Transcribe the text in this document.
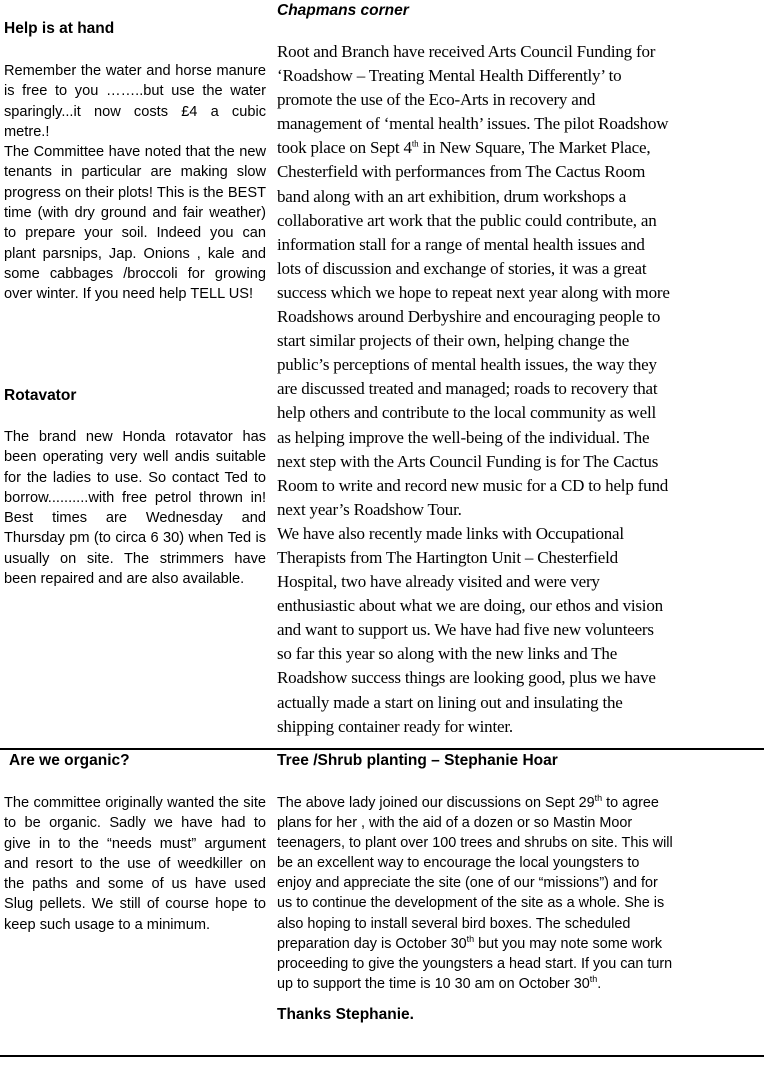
Help is at hand

Remember the water and horse manure is free to you ……..but use the water sparingly...it now costs £4 a cubic metre.!

The Committee have noted that the new tenants in particular are making slow progress on their plots! This is the BEST time (with dry ground and fair weather) to prepare your soil. Indeed you can plant parsnips, Jap. Onions , kale and some cabbages /broccoli for growing over winter. If you need help TELL US!

Rotavator

The brand new Honda rotavator has been operating very well andis suitable for the ladies to use. So contact Ted to borrow..........with free petrol thrown in! Best times are Wednesday and Thursday pm (to circa 6 30) when Ted is usually on site. The strimmers have been repaired and are also available.

Chapmans corner

Root and Branch have received Arts Council Funding for
‘Roadshow – Treating Mental Health Differently’ to
promote the use of the Eco-Arts in recovery and
management of ‘mental health’ issues. The pilot Roadshow
took place on Sept 4th in New Square, The Market Place,
Chesterfield with performances from The Cactus Room
band along with an art exhibition, drum workshops a
collaborative art work that the public could contribute, an
information stall for a range of mental health issues and
lots of discussion and exchange of stories, it was a great
success which we hope to repeat next year along with more
Roadshows around Derbyshire and encouraging people to
start similar projects of their own, helping change the
public’s perceptions of mental health issues, the way they
are discussed treated and managed; roads to recovery that
help others and contribute to the local community as well
as helping improve the well-being of the individual. The
next step with the Arts Council Funding is for The Cactus
Room to write and record new music for a CD to help fund
next year’s Roadshow Tour.
We have also recently made links with Occupational
Therapists from The Hartington Unit – Chesterfield
Hospital, two have already visited and were very
enthusiastic about what we are doing, our ethos and vision
and want to support us. We have had five new volunteers
so far this year so along with the new links and The
Roadshow success things are looking good, plus we have
actually made a start on lining out and insulating the
shipping container ready for winter.

Are we organic?

The committee originally wanted the site to be organic. Sadly we have had to give in to the “needs must” argument and resort to the use of weedkiller on the paths and some of us have used Slug pellets. We still of course hope to keep such usage to a minimum.

Tree /Shrub planting – Stephanie Hoar

The above lady joined our discussions on Sept 29th to agree
plans for her , with the aid of a dozen or so Mastin Moor
teenagers, to plant over 100 trees and shrubs on site. This will
be an excellent way to encourage the local youngsters to
enjoy and appreciate the site (one of our “missions”) and for
us to continue the development of the site as a whole. She is
also hoping to install several bird boxes. The scheduled
preparation day is October 30th but you may note some work
proceeding to give the youngsters a head start. If you can turn
up to support the time is 10 30 am on October 30th.

Thanks Stephanie.
